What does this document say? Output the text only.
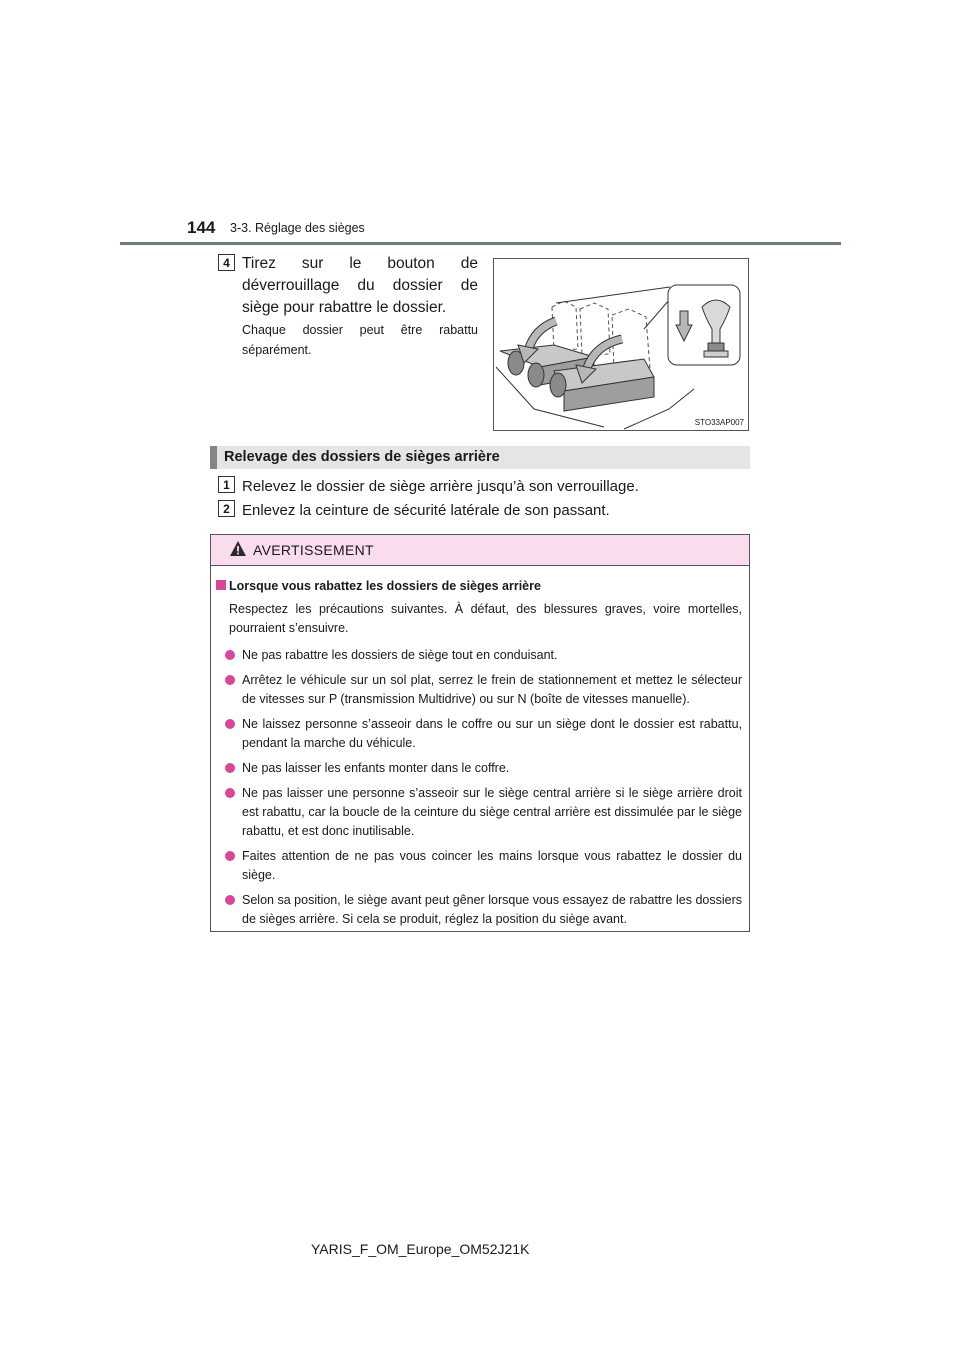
144 3-3. Réglage des sièges
4 Tirez sur le bouton de déverrouillage du dossier de siège pour rabattre le dossier.
Chaque dossier peut être rabattu séparément.
STO33AP007
Relevage des dossiers de sièges arrière
1 Relevez le dossier de siège arrière jusqu’à son verrouillage.
2 Enlevez la ceinture de sécurité latérale de son passant.
AVERTISSEMENT
Lorsque vous rabattez les dossiers de sièges arrière
Respectez les précautions suivantes. À défaut, des blessures graves, voire mortelles, pourraient s’ensuivre.
Ne pas rabattre les dossiers de siège tout en conduisant.
Arrêtez le véhicule sur un sol plat, serrez le frein de stationnement et mettez le sélecteur de vitesses sur P (transmission Multidrive) ou sur N (boîte de vitesses manuelle).
Ne laissez personne s’asseoir dans le coffre ou sur un siège dont le dossier est rabattu, pendant la marche du véhicule.
Ne pas laisser les enfants monter dans le coffre.
Ne pas laisser une personne s’asseoir sur le siège central arrière si le siège arrière droit est rabattu, car la boucle de la ceinture du siège central arrière est dissimulée par le siège rabattu, et est donc inutilisable.
Faites attention de ne pas vous coincer les mains lorsque vous rabattez le dossier du siège.
Selon sa position, le siège avant peut gêner lorsque vous essayez de rabattre les dossiers de sièges arrière. Si cela se produit, réglez la position du siège avant.
YARIS_F_OM_Europe_OM52J21K
